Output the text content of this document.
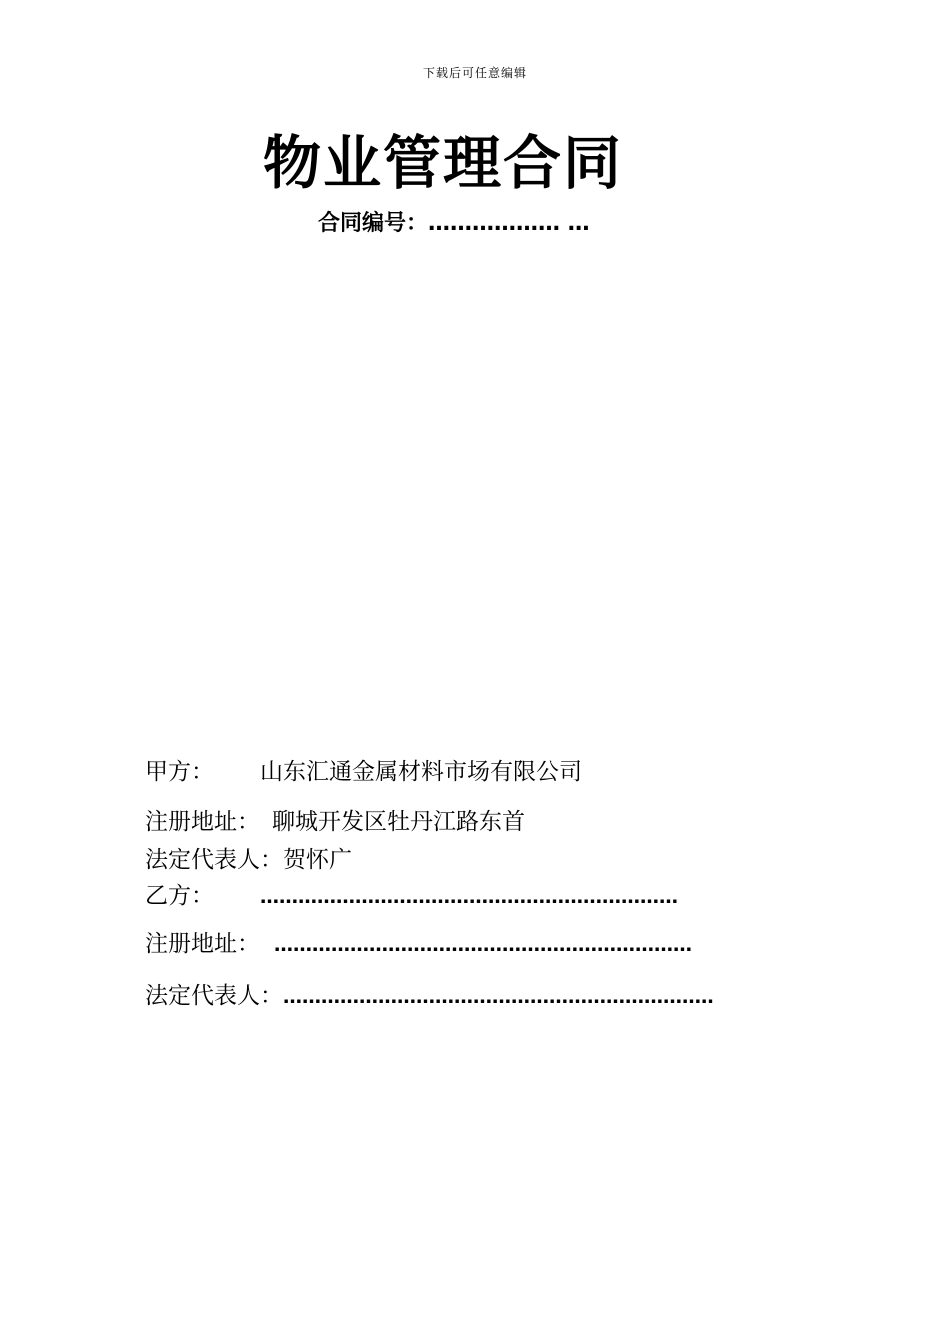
下载后可任意编辑
物业管理合同
合同编号：……………… …
甲方： 山东汇通金属材料市场有限公司
注册地址： 聊城开发区牡丹江路东首
法定代表人：贺怀广
乙方： …………………………………………………………
注册地址： …………………………………………………………
法定代表人：…………………………………………………………‥
